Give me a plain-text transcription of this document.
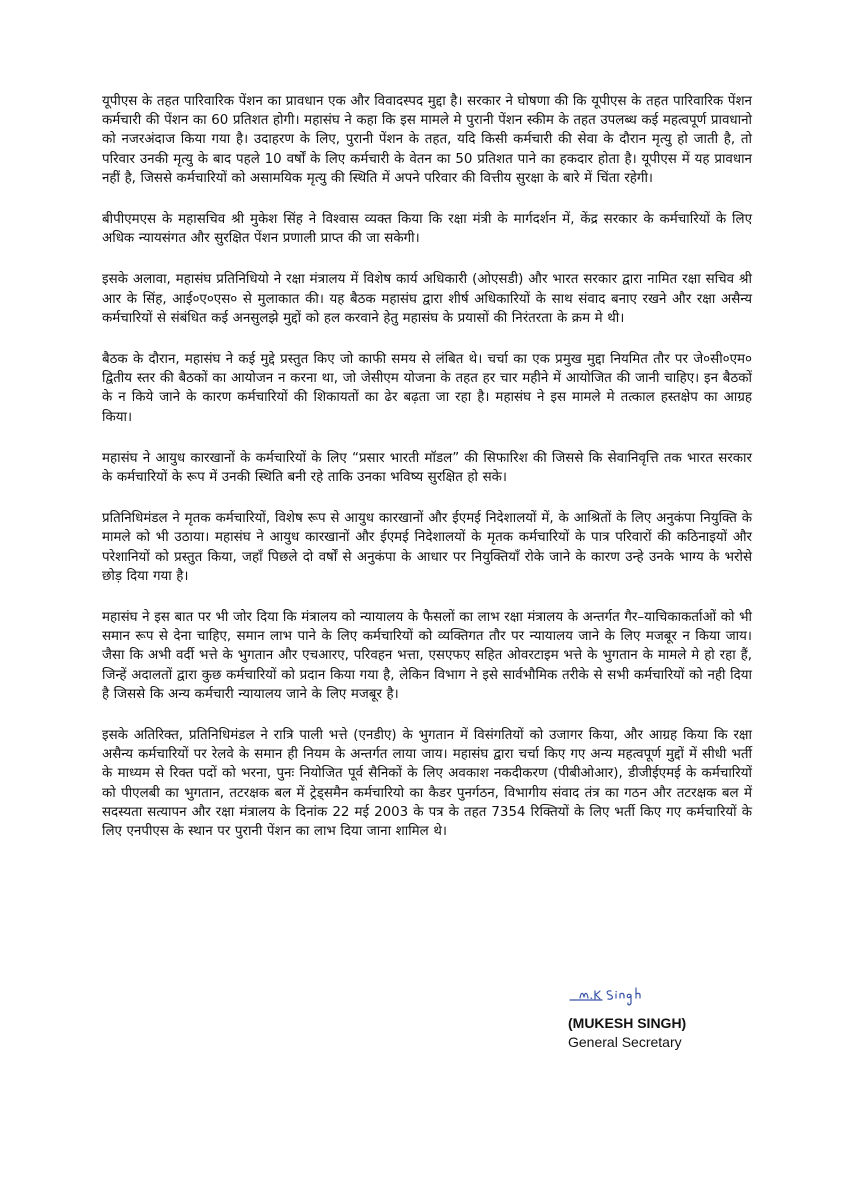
यूपीएस के तहत पारिवारिक पेंशन का प्रावधान एक और विवादस्पद मुद्दा है। सरकार ने घोषणा की कि यूपीएस के तहत पारिवारिक पेंशन कर्मचारी की पेंशन का 60 प्रतिशत होगी। महासंघ ने कहा कि इस मामले मे पुरानी पेंशन स्कीम के तहत उपलब्ध कई महत्वपूर्ण प्रावधानो को नजरअंदाज किया गया है। उदाहरण के लिए, पुरानी पेंशन के तहत, यदि किसी कर्मचारी की सेवा के दौरान मृत्यु हो जाती है, तो परिवार उनकी मृत्यु के बाद पहले 10 वर्षों के लिए कर्मचारी के वेतन का 50 प्रतिशत पाने का हकदार होता है। यूपीएस में यह प्रावधान नहीं है, जिससे कर्मचारियों को असामयिक मृत्यु की स्थिति में अपने परिवार की वित्तीय सुरक्षा के बारे में चिंता रहेगी।

बीपीएमएस के महासचिव श्री मुकेश सिंह ने विश्वास व्यक्त किया कि रक्षा मंत्री के मार्गदर्शन में, केंद्र सरकार के कर्मचारियों के लिए अधिक न्यायसंगत और सुरक्षित पेंशन प्रणाली प्राप्त की जा सकेगी।

इसके अलावा, महासंघ प्रतिनिधियो ने रक्षा मंत्रालय में विशेष कार्य अधिकारी (ओएसडी) और भारत सरकार द्वारा नामित रक्षा सचिव श्री आर के सिंह, आई०ए०एस० से मुलाकात की। यह बैठक महासंघ द्वारा शीर्ष अधिकारियों के साथ संवाद बनाए रखने और रक्षा असैन्य कर्मचारियों से संबंधित कई अनसुलझे मुद्दों को हल करवाने हेतु महासंघ के प्रयासों की निरंतरता के क्रम मे थी।

बैठक के दौरान, महासंघ ने कई मुद्दे प्रस्तुत किए जो काफी समय से लंबित थे। चर्चा का एक प्रमुख मुद्दा नियमित तौर पर जे०सी०एम० द्वितीय स्तर की बैठकों का आयोजन न करना था, जो जेसीएम योजना के तहत हर चार महीने में आयोजित की जानी चाहिए। इन बैठकों के न किये जाने के कारण कर्मचारियों की शिकायतों का ढेर बढ़ता जा रहा है। महासंघ ने इस मामले मे तत्काल हस्तक्षेप का आग्रह किया।

महासंघ ने आयुध कारखानों के कर्मचारियों के लिए “प्रसार भारती मॉडल” की सिफारिश की जिससे कि सेवानिवृत्ति तक भारत सरकार के कर्मचारियों के रूप में उनकी स्थिति बनी रहे ताकि उनका भविष्य सुरक्षित हो सके।

प्रतिनिधिमंडल ने मृतक कर्मचारियों, विशेष रूप से आयुध कारखानों और ईएमई निदेशालयों में, के आश्रितों के लिए अनुकंपा नियुक्ति के मामले को भी उठाया। महासंघ ने आयुध कारखानों और ईएमई निदेशालयों के मृतक कर्मचारियों के पात्र परिवारों की कठिनाइयों और परेशानियों को प्रस्तुत किया, जहाँ पिछले दो वर्षों से अनुकंपा के आधार पर नियुक्तियाँ रोके जाने के कारण उन्हे उनके भाग्य के भरोसे छोड़ दिया गया है।

महासंघ ने इस बात पर भी जोर दिया कि मंत्रालय को न्यायालय के फैसलों का लाभ रक्षा मंत्रालय के अन्तर्गत गैर–याचिकाकर्ताओं को भी समान रूप से देना चाहिए, समान लाभ पाने के लिए कर्मचारियों को व्यक्तिगत तौर पर न्यायालय जाने के लिए मजबूर न किया जाय। जैसा कि अभी वर्दी भत्ते के भुगतान और एचआरए, परिवहन भत्ता, एसएफए सहित ओवरटाइम भत्ते के भुगतान के मामले मे हो रहा हैं, जिन्हें अदालतों द्वारा कुछ कर्मचारियों को प्रदान किया गया है, लेकिन विभाग ने इसे सार्वभौमिक तरीके से सभी कर्मचारियों को नही दिया है जिससे कि अन्य कर्मचारी न्यायालय जाने के लिए मजबूर है।

इसके अतिरिक्त, प्रतिनिधिमंडल ने रात्रि पाली भत्ते (एनडीए) के भुगतान में विसंगतियों को उजागर किया, और आग्रह किया कि रक्षा असैन्य कर्मचारियों पर रेलवे के समान ही नियम के अन्तर्गत लाया जाय। महासंघ द्वारा चर्चा किए गए अन्य महत्वपूर्ण मुद्दों में सीधी भर्ती के माध्यम से रिक्त पदों को भरना, पुनः नियोजित पूर्व सैनिकों के लिए अवकाश नकदीकरण (पीबीओआर), डीजीईएमई के कर्मचारियों को पीएलबी का भुगतान, तटरक्षक बल में ट्रेड्समैन कर्मचारियो का कैडर पुनर्गठन, विभागीय संवाद तंत्र का गठन और तटरक्षक बल में सदस्यता सत्यापन और रक्षा मंत्रालय के दिनांक 22 मई 2003 के पत्र के तहत 7354 रिक्तियों के लिए भर्ती किए गए कर्मचारियों के लिए एनपीएस के स्थान पर पुरानी पेंशन का लाभ दिया जाना शामिल थे।

(MUKESH SINGH)

General Secretary
